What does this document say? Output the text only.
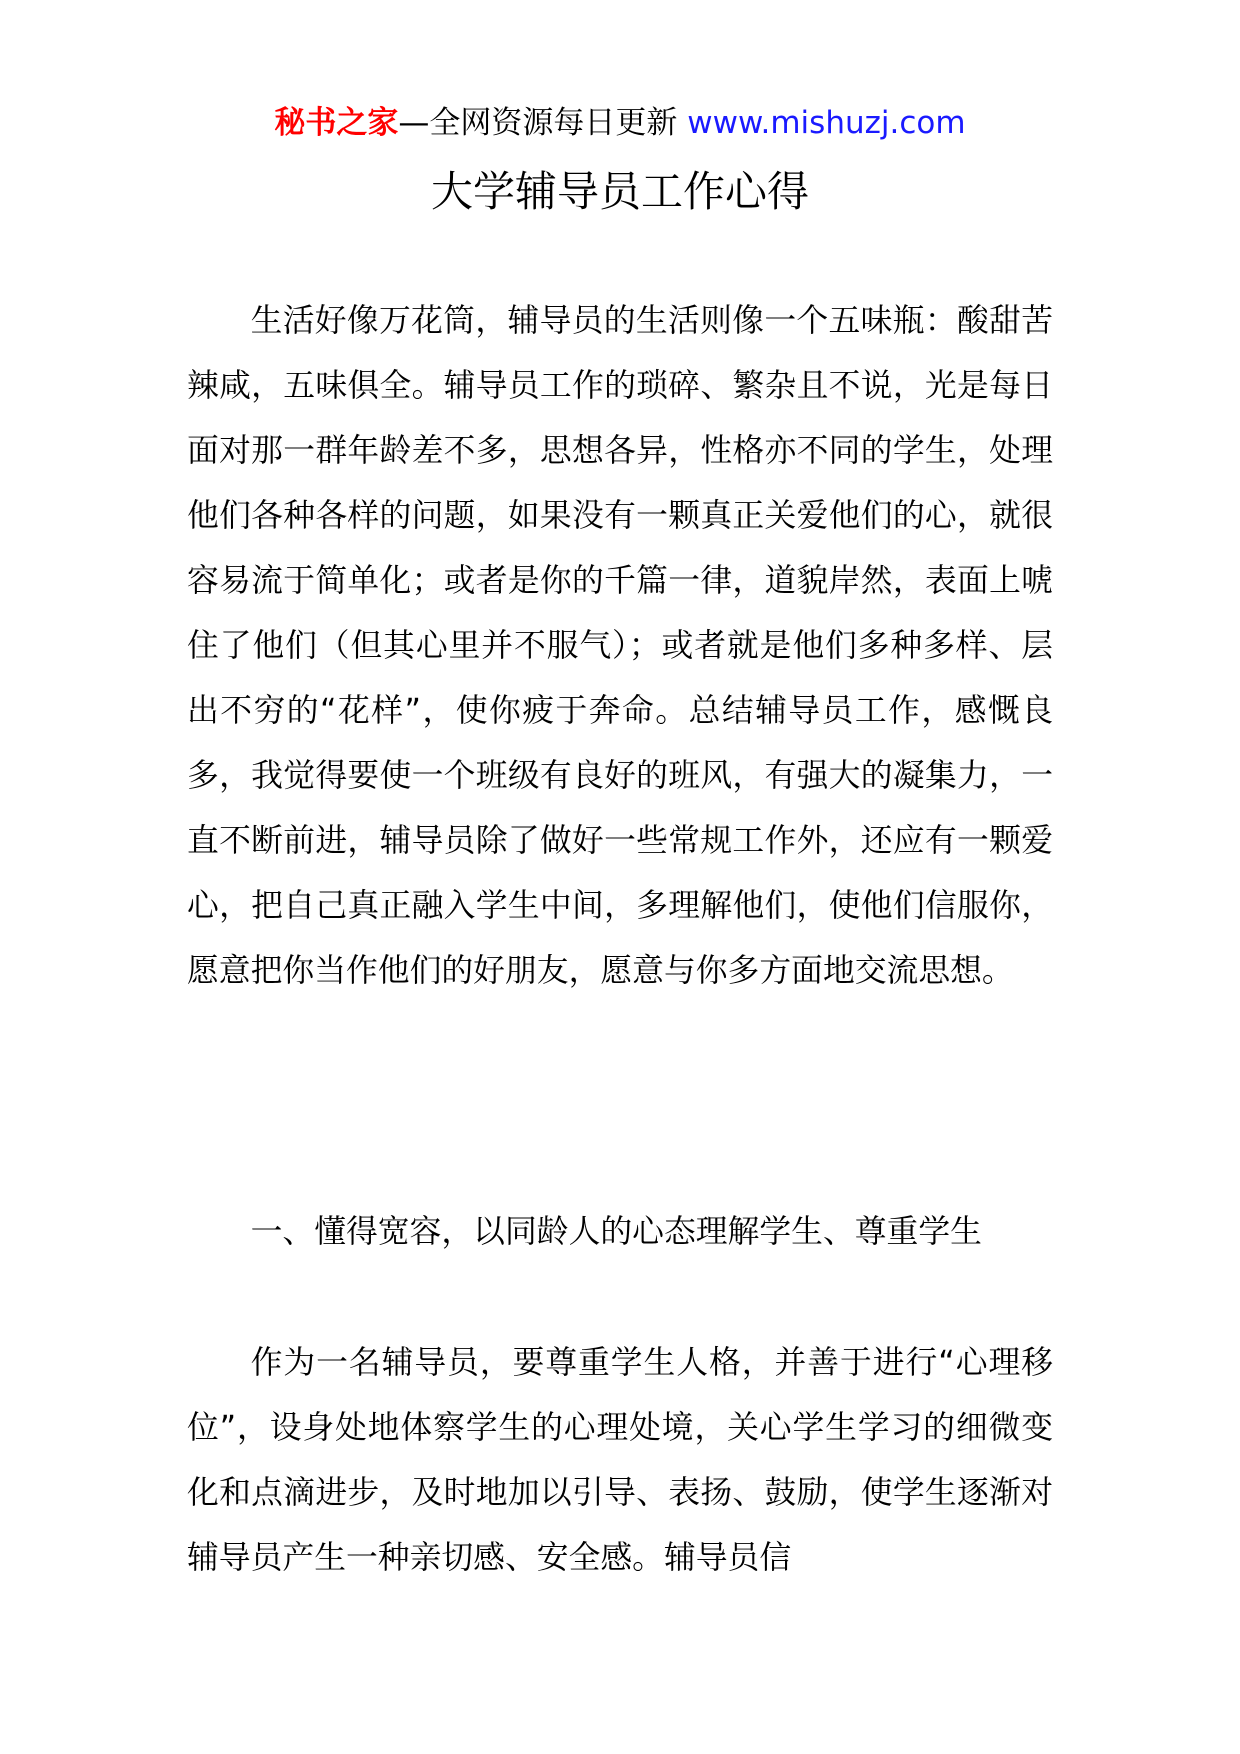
秘书之家—全网资源每日更新 www.mishuzj.com
大学辅导员工作心得

生活好像万花筒，辅导员的生活则像一个五味瓶：酸甜苦辣咸，五味俱全。辅导员工作的琐碎、繁杂且不说，光是每日面对那一群年龄差不多，思想各异，性格亦不同的学生，处理他们各种各样的问题，如果没有一颗真正关爱他们的心，就很容易流于简单化；或者是你的千篇一律，道貌岸然，表面上唬住了他们（但其心里并不服气）；或者就是他们多种多样、层出不穷的“花样”，使你疲于奔命。总结辅导员工作，感慨良多，我觉得要使一个班级有良好的班风，有强大的凝集力，一直不断前进，辅导员除了做好一些常规工作外，还应有一颗爱心，把自己真正融入学生中间，多理解他们，使他们信服你，愿意把你当作他们的好朋友，愿意与你多方面地交流思想。

一、懂得宽容，以同龄人的心态理解学生、尊重学生

作为一名辅导员，要尊重学生人格，并善于进行“心理移位”，设身处地体察学生的心理处境，关心学生学习的细微变化和点滴进步，及时地加以引导、表扬、鼓励，使学生逐渐对辅导员产生一种亲切感、安全感。辅导员信
